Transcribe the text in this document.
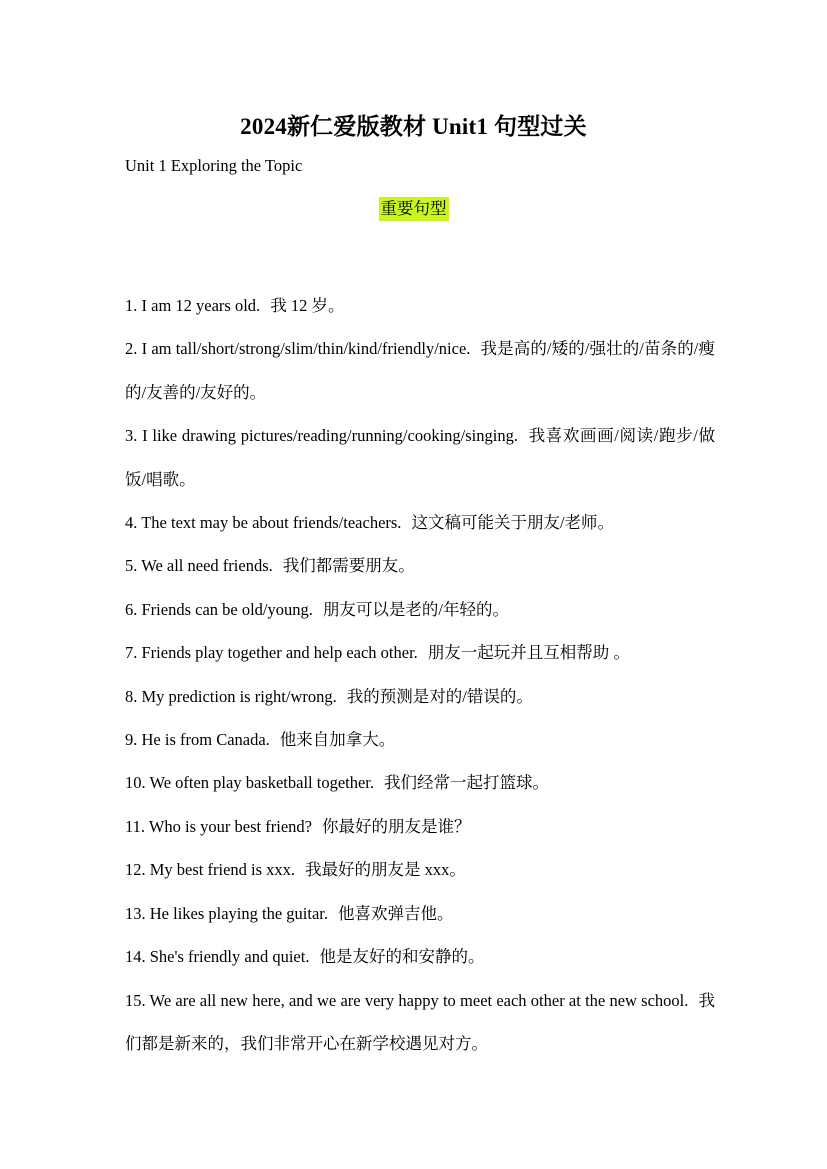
2024新仁爱版教材 Unit1 句型过关
Unit 1 Exploring the Topic
重要句型
1. I am 12 years old. 我 12 岁。
2. I am tall/short/strong/slim/thin/kind/friendly/nice. 我是高的/矮的/强壮的/苗条的/瘦的/友善的/友好的。
3. I like drawing pictures/reading/running/cooking/singing. 我喜欢画画/阅读/跑步/做饭/唱歌。
4. The text may be about friends/teachers. 这文稿可能关于朋友/老师。
5. We all need friends. 我们都需要朋友。
6. Friends can be old/young. 朋友可以是老的/年轻的。
7. Friends play together and help each other. 朋友一起玩并且互相帮助 。
8. My prediction is right/wrong. 我的预测是对的/错误的。
9. He is from Canada. 他来自加拿大。
10. We often play basketball together. 我们经常一起打篮球。
11. Who is your best friend? 你最好的朋友是谁？
12. My best friend is xxx. 我最好的朋友是 xxx。
13. He likes playing the guitar. 他喜欢弹吉他。
14. She's friendly and quiet. 他是友好的和安静的。
15. We are all new here, and we are very happy to meet each other at the new school. 我们都是新来的，我们非常开心在新学校遇见对方。
